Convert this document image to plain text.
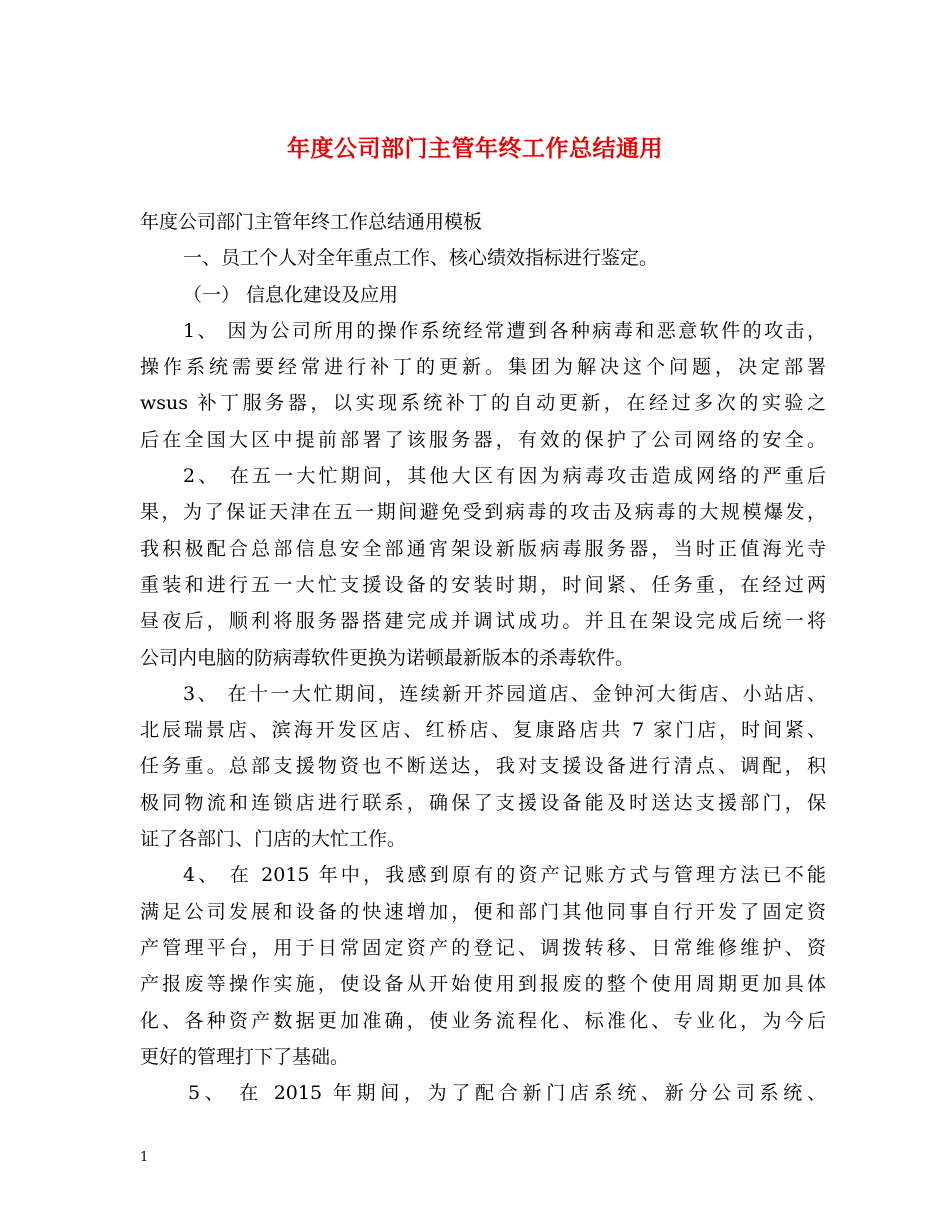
年度公司部门主管年终工作总结通用
年度公司部门主管年终工作总结通用模板
一、员工个人对全年重点工作、核心绩效指标进行鉴定。
（一） 信息化建设及应用
1、 因为公司所用的操作系统经常遭到各种病毒和恶意软件的攻击，
操作系统需要经常进行补丁的更新。集团为解决这个问题，决定部署
wsus 补丁服务器，以实现系统补丁的自动更新，在经过多次的实验之
后在全国大区中提前部署了该服务器，有效的保护了公司网络的安全。
2、 在五一大忙期间，其他大区有因为病毒攻击造成网络的严重后
果，为了保证天津在五一期间避免受到病毒的攻击及病毒的大规模爆发，
我积极配合总部信息安全部通宵架设新版病毒服务器，当时正值海光寺
重装和进行五一大忙支援设备的安装时期，时间紧、任务重，在经过两
昼夜后，顺利将服务器搭建完成并调试成功。并且在架设完成后统一将
公司内电脑的防病毒软件更换为诺顿最新版本的杀毒软件。
3、 在十一大忙期间，连续新开芥园道店、金钟河大街店、小站店、
北辰瑞景店、滨海开发区店、红桥店、复康路店共 7 家门店，时间紧、
任务重。总部支援物资也不断送达，我对支援设备进行清点、调配，积
极同物流和连锁店进行联系，确保了支援设备能及时送达支援部门，保
证了各部门、门店的大忙工作。
4、 在 2015 年中，我感到原有的资产记账方式与管理方法已不能
满足公司发展和设备的快速增加，便和部门其他同事自行开发了固定资
产管理平台，用于日常固定资产的登记、调拨转移、日常维修维护、资
产报废等操作实施，使设备从开始使用到报废的整个使用周期更加具体
化、各种资产数据更加准确，使业务流程化、标准化、专业化，为今后
更好的管理打下了基础。
5、 在 2015 年期间，为了配合新门店系统、新分公司系统、
1
